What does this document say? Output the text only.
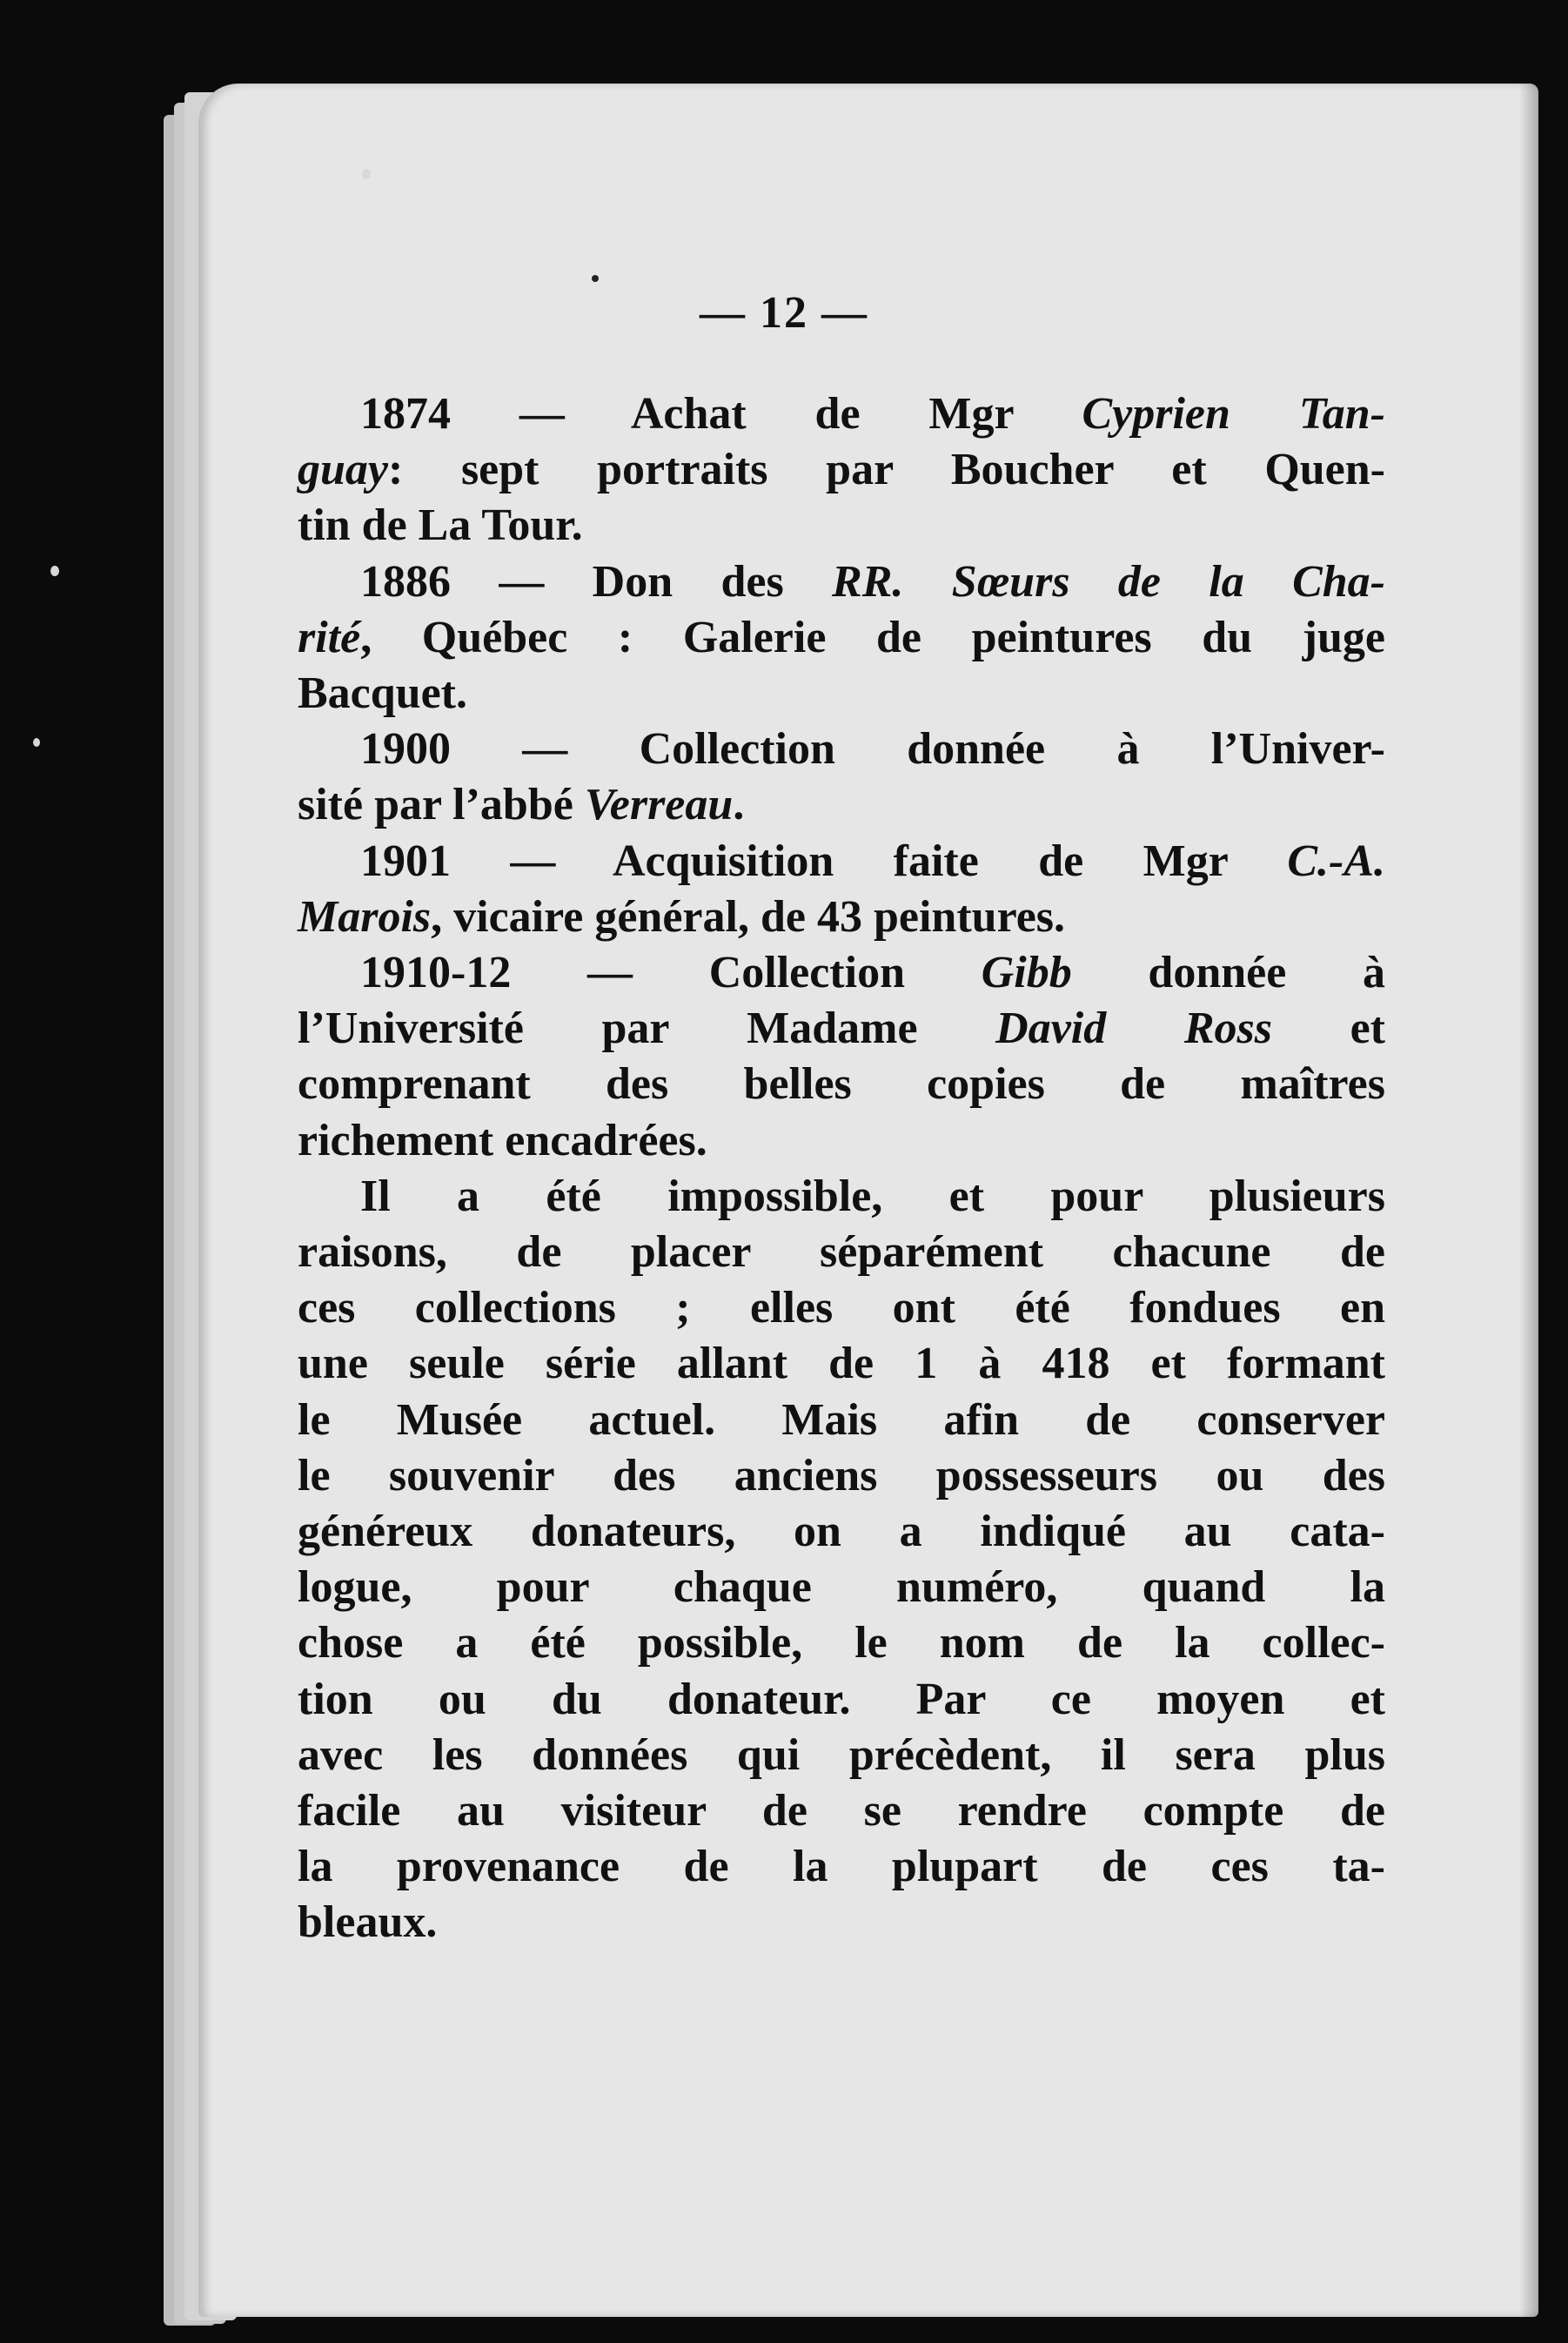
— 12 —
1874 — Achat de Mgr Cyprien Tan-
guay: sept portraits par Boucher et Quen-
tin de La Tour.
1886 — Don des RR. Sœurs de la Cha-
rité, Québec : Galerie de peintures du juge
Bacquet.
1900 — Collection donnée à l’Univer-
sité par l’abbé Verreau.
1901 — Acquisition faite de Mgr C.-A.
Marois, vicaire général, de 43 peintures.
1910-12 — Collection Gibb donnée à
l’Université par Madame David Ross et
comprenant des belles copies de maîtres
richement encadrées.
Il a été impossible, et pour plusieurs
raisons, de placer séparément chacune de
ces collections ; elles ont été fondues en
une seule série allant de 1 à 418 et formant
le Musée actuel. Mais afin de conserver
le souvenir des anciens possesseurs ou des
généreux donateurs, on a indiqué au cata-
logue, pour chaque numéro, quand la
chose a été possible, le nom de la collec-
tion ou du donateur. Par ce moyen et
avec les données qui précèdent, il sera plus
facile au visiteur de se rendre compte de
la provenance de la plupart de ces ta-
bleaux.
